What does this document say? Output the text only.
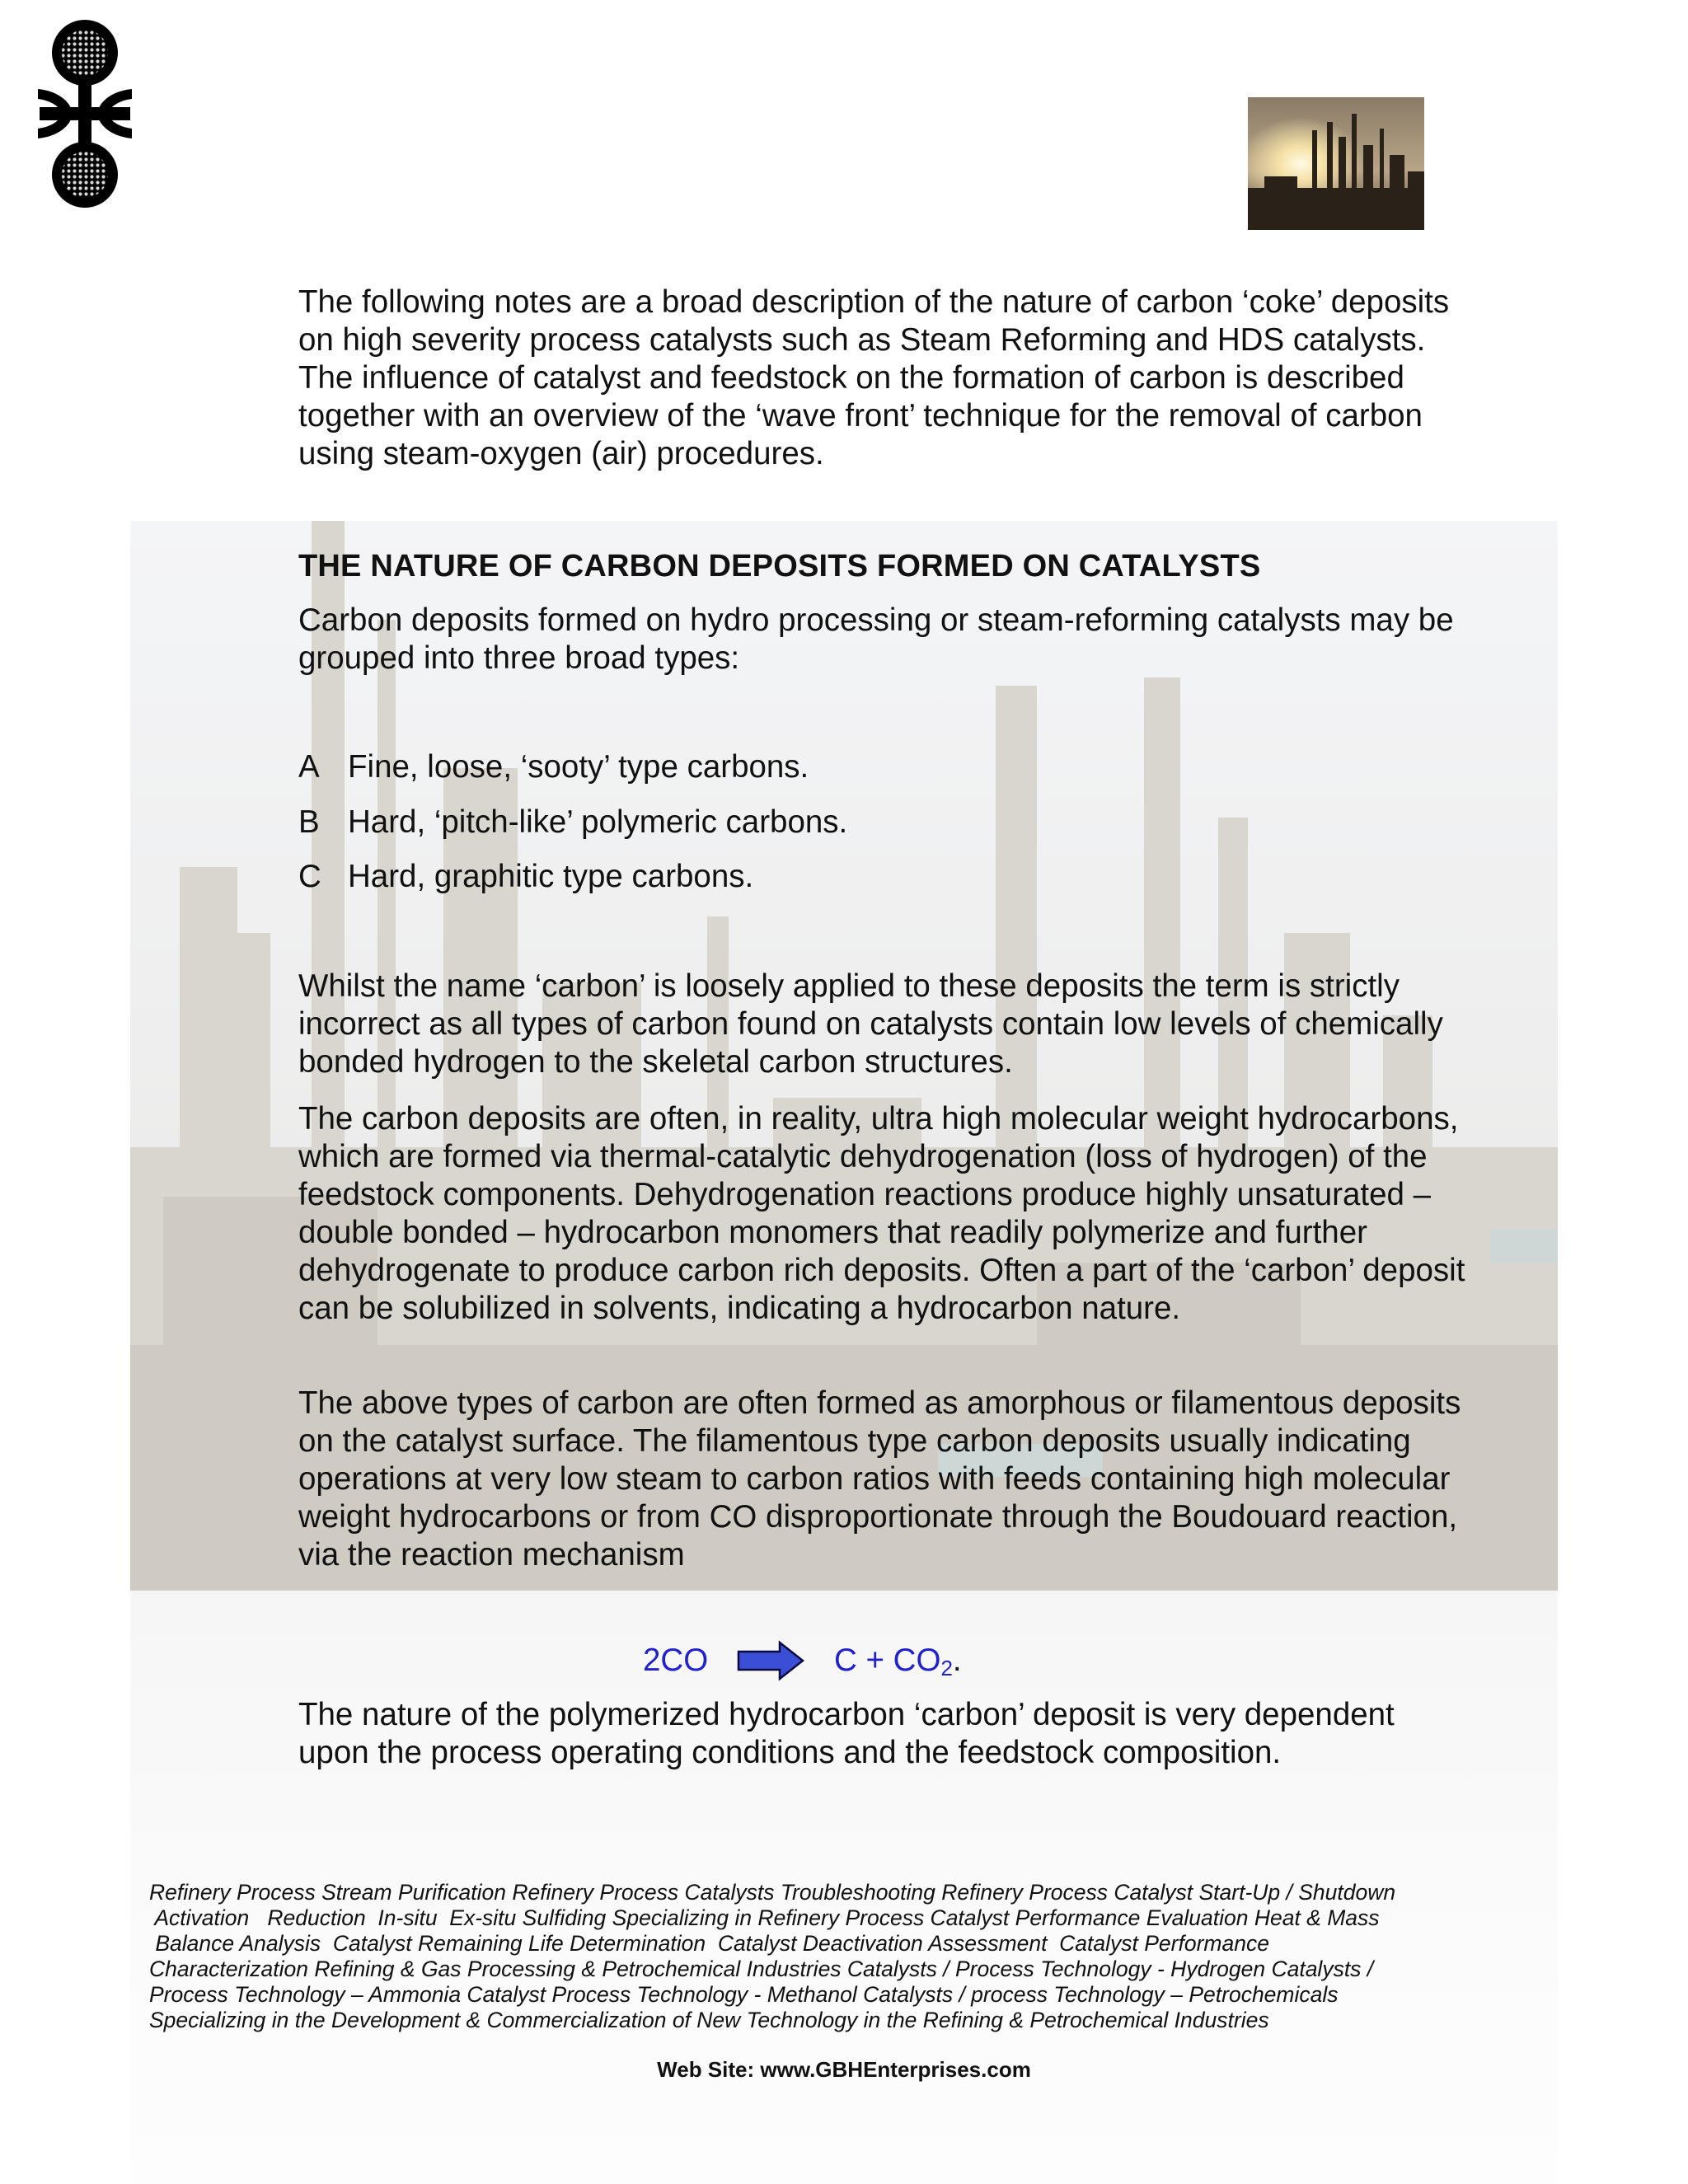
The following notes are a broad description of the nature of carbon ‘coke’ deposits on high severity process catalysts such as Steam Reforming and HDS catalysts. The influence of catalyst and feedstock on the formation of carbon is described together with an overview of the ‘wave front’ technique for the removal of carbon using steam-oxygen (air) procedures.

THE NATURE OF CARBON DEPOSITS FORMED ON CATALYSTS

Carbon deposits formed on hydro processing or steam-reforming catalysts may be grouped into three broad types:

A Fine, loose, ‘sooty’ type carbons.
B Hard, ‘pitch-like’ polymeric carbons.
C Hard, graphitic type carbons.

Whilst the name ‘carbon’ is loosely applied to these deposits the term is strictly incorrect as all types of carbon found on catalysts contain low levels of chemically bonded hydrogen to the skeletal carbon structures.

The carbon deposits are often, in reality, ultra high molecular weight hydrocarbons, which are formed via thermal-catalytic dehydrogenation (loss of hydrogen) of the feedstock components. Dehydrogenation reactions produce highly unsaturated – double bonded – hydrocarbon monomers that readily polymerize and further dehydrogenate to produce carbon rich deposits. Often a part of the ‘carbon’ deposit can be solubilized in solvents, indicating a hydrocarbon nature.

The above types of carbon are often formed as amorphous or filamentous deposits on the catalyst surface. The filamentous type carbon deposits usually indicating operations at very low steam to carbon ratios with feeds containing high molecular weight hydrocarbons or from CO disproportionate through the Boudouard reaction, via the reaction mechanism

2CO	$C + CO_2$.

The nature of the polymerized hydrocarbon ‘carbon’ deposit is very dependent upon the process operating conditions and the feedstock composition.

Refinery Process Stream Purification Refinery Process Catalysts Troubleshooting Refinery Process Catalyst Start-Up / Shutdown
Activation   Reduction  In-situ  Ex-situ Sulfiding Specializing in Refinery Process Catalyst Performance Evaluation Heat & Mass
Balance Analysis  Catalyst Remaining Life Determination  Catalyst Deactivation Assessment  Catalyst Performance
Characterization Refining & Gas Processing & Petrochemical Industries Catalysts / Process Technology - Hydrogen Catalysts /
Process Technology – Ammonia Catalyst Process Technology - Methanol Catalysts / process Technology – Petrochemicals
Specializing in the Development & Commercialization of New Technology in the Refining & Petrochemical Industries
Web Site: www.GBHEnterprises.com
